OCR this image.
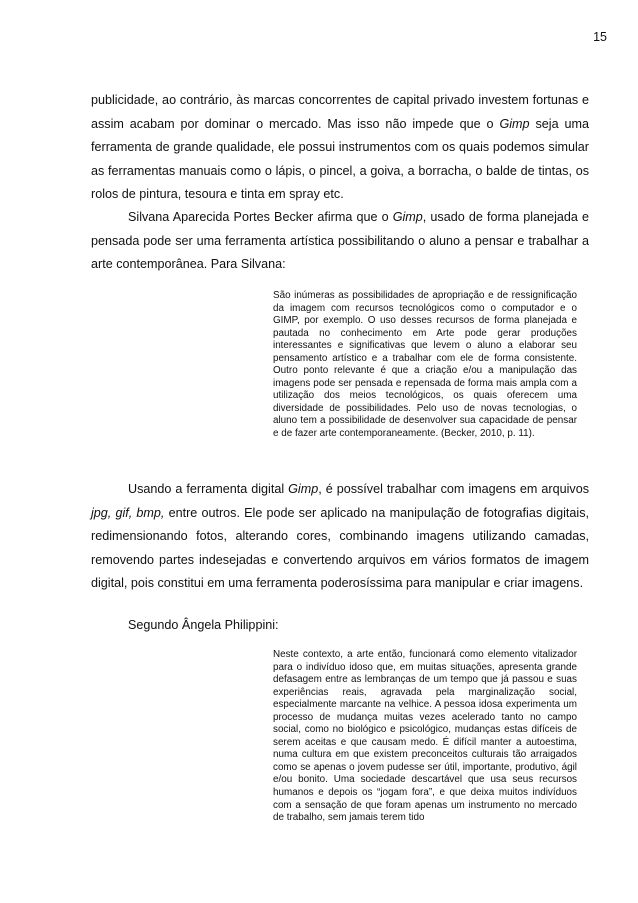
15

publicidade, ao contrário, às marcas concorrentes de capital privado investem fortunas e assim acabam por dominar o mercado. Mas isso não impede que o Gimp seja uma ferramenta de grande qualidade, ele possui instrumentos com os quais podemos simular as ferramentas manuais como o lápis, o pincel, a goiva, a borracha, o balde de tintas, os rolos de pintura, tesoura e tinta em spray etc.

Silvana Aparecida Portes Becker afirma que o Gimp, usado de forma planejada e pensada pode ser uma ferramenta artística possibilitando o aluno a pensar e trabalhar a arte contemporânea. Para Silvana:

São inúmeras as possibilidades de apropriação e de ressignificação da imagem com recursos tecnológicos como o computador e o GIMP, por exemplo. O uso desses recursos de forma planejada e pautada no conhecimento em Arte pode gerar produções interessantes e significativas que levem o aluno a elaborar seu pensamento artístico e a trabalhar com ele de forma consistente. Outro ponto relevante é que a criação e/ou a manipulação das imagens pode ser pensada e repensada de forma mais ampla com a utilização dos meios tecnológicos, os quais oferecem uma diversidade de possibilidades. Pelo uso de novas tecnologias, o aluno tem a possibilidade de desenvolver sua capacidade de pensar e de fazer arte contemporaneamente. (Becker, 2010, p. 11).

Usando a ferramenta digital Gimp, é possível trabalhar com imagens em arquivos jpg, gif, bmp, entre outros. Ele pode ser aplicado na manipulação de fotografias digitais, redimensionando fotos, alterando cores, combinando imagens utilizando camadas, removendo partes indesejadas e convertendo arquivos em vários formatos de imagem digital, pois constitui em uma ferramenta poderosíssima para manipular e criar imagens.

Segundo Ângela Philippini:

Neste contexto, a arte então, funcionará como elemento vitalizador para o indivíduo idoso que, em muitas situações, apresenta grande defasagem entre as lembranças de um tempo que já passou e suas experiências reais, agravada pela marginalização social, especialmente marcante na velhice. A pessoa idosa experimenta um processo de mudança muitas vezes acelerado tanto no campo social, como no biológico e psicológico, mudanças estas difíceis de serem aceitas e que causam medo. É difícil manter a autoestima, numa cultura em que existem preconceitos culturais tão arraigados como se apenas o jovem pudesse ser útil, importante, produtivo, ágil e/ou bonito. Uma sociedade descartável que usa seus recursos humanos e depois os “jogam fora”, e que deixa muitos indivíduos com a sensação de que foram apenas um instrumento no mercado de trabalho, sem jamais terem tido
